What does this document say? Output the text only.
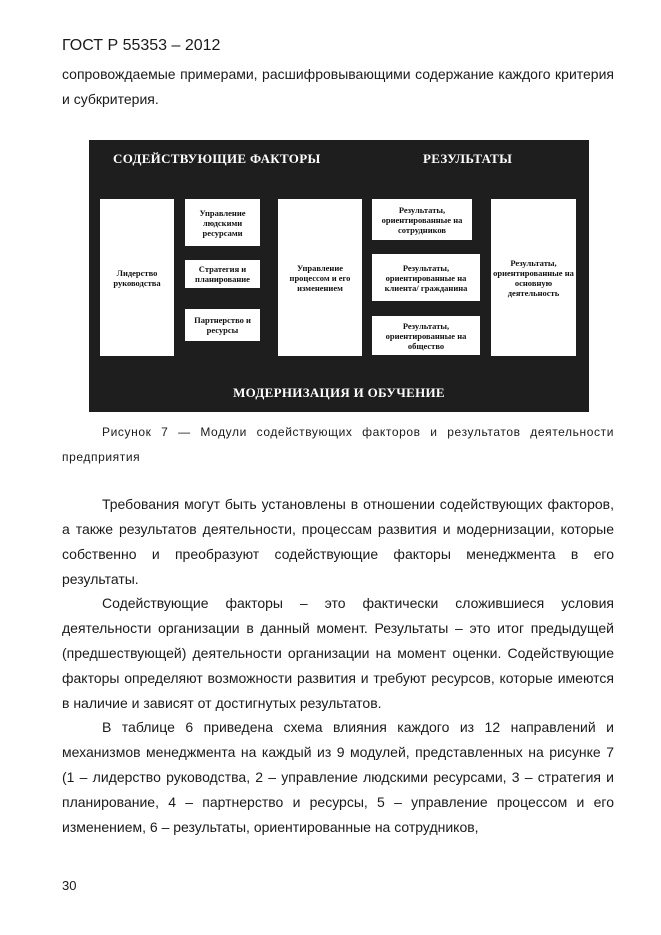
ГОСТ Р 55353 – 2012
сопровождаемые примерами, расшифровывающими содержание каждого критерия и субкритерия.
СОДЕЙСТВУЮЩИЕ ФАКТОРЫ	РЕЗУЛЬТАТЫ
Лидерство руководства
Управление людскими ресурсами
Стратегия и планирование
Партнерство и ресурсы
Управление процессом и его изменением
Результаты, ориентированные на сотрудников
Результаты, ориентированные на клиента/ гражданина
Результаты, ориентированные на общество
Результаты, ориентированные на основную деятельность
МОДЕРНИЗАЦИЯ И ОБУЧЕНИЕ
Рисунок 7 — Модули содействующих факторов и результатов деятельности предприятия
Требования могут быть установлены в отношении содействующих факторов, а также результатов деятельности, процессам развития и модернизации, которые собственно и преобразуют содействующие факторы менеджмента в его результаты.
Содействующие факторы – это фактически сложившиеся условия деятельности организации в данный момент. Результаты – это итог предыдущей (предшествующей) деятельности организации на момент оценки. Содействующие факторы определяют возможности развития и требуют ресурсов, которые имеются в наличие и зависят от достигнутых результатов.
В таблице 6 приведена схема влияния каждого из 12 направлений и механизмов менеджмента на каждый из 9 модулей, представленных на рисунке 7 (1 – лидерство руководства, 2 – управление людскими ресурсами, 3 – стратегия и планирование, 4 – партнерство и ресурсы, 5 – управление процессом и его изменением, 6 – результаты, ориентированные на сотрудников,
30
